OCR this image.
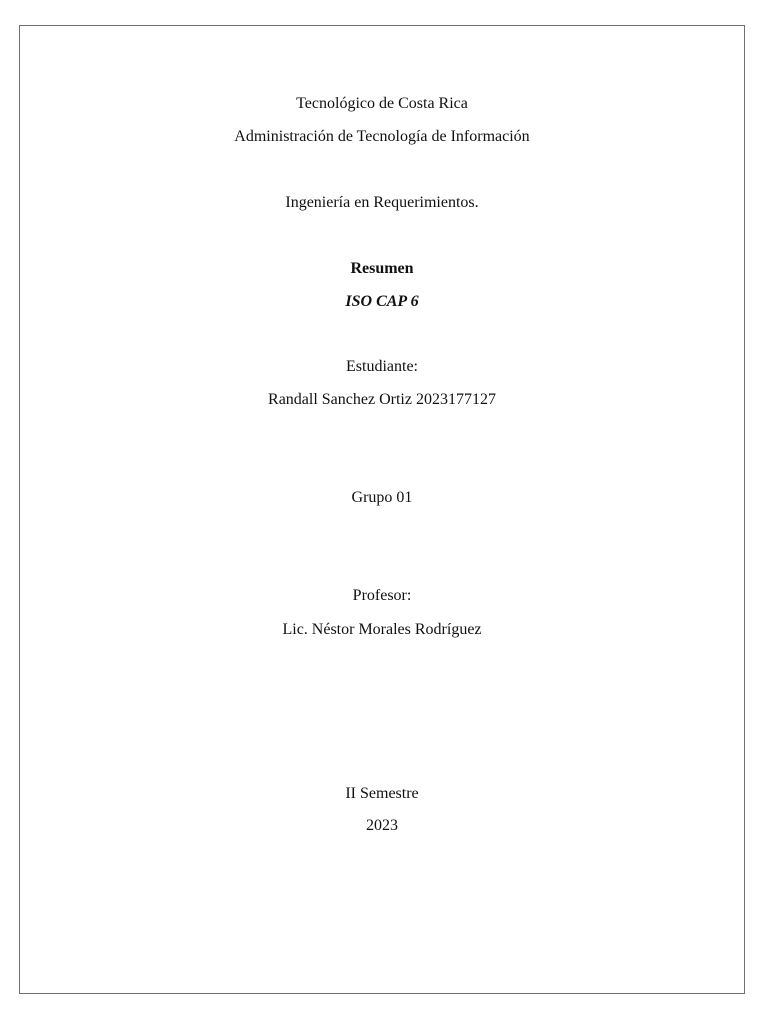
Tecnológico de Costa Rica
Administración de Tecnología de Información
Ingeniería en Requerimientos.
Resumen
ISO CAP 6
Estudiante:
Randall Sanchez Ortiz 2023177127
Grupo 01
Profesor:
Lic. Néstor Morales Rodríguez
II Semestre
2023
